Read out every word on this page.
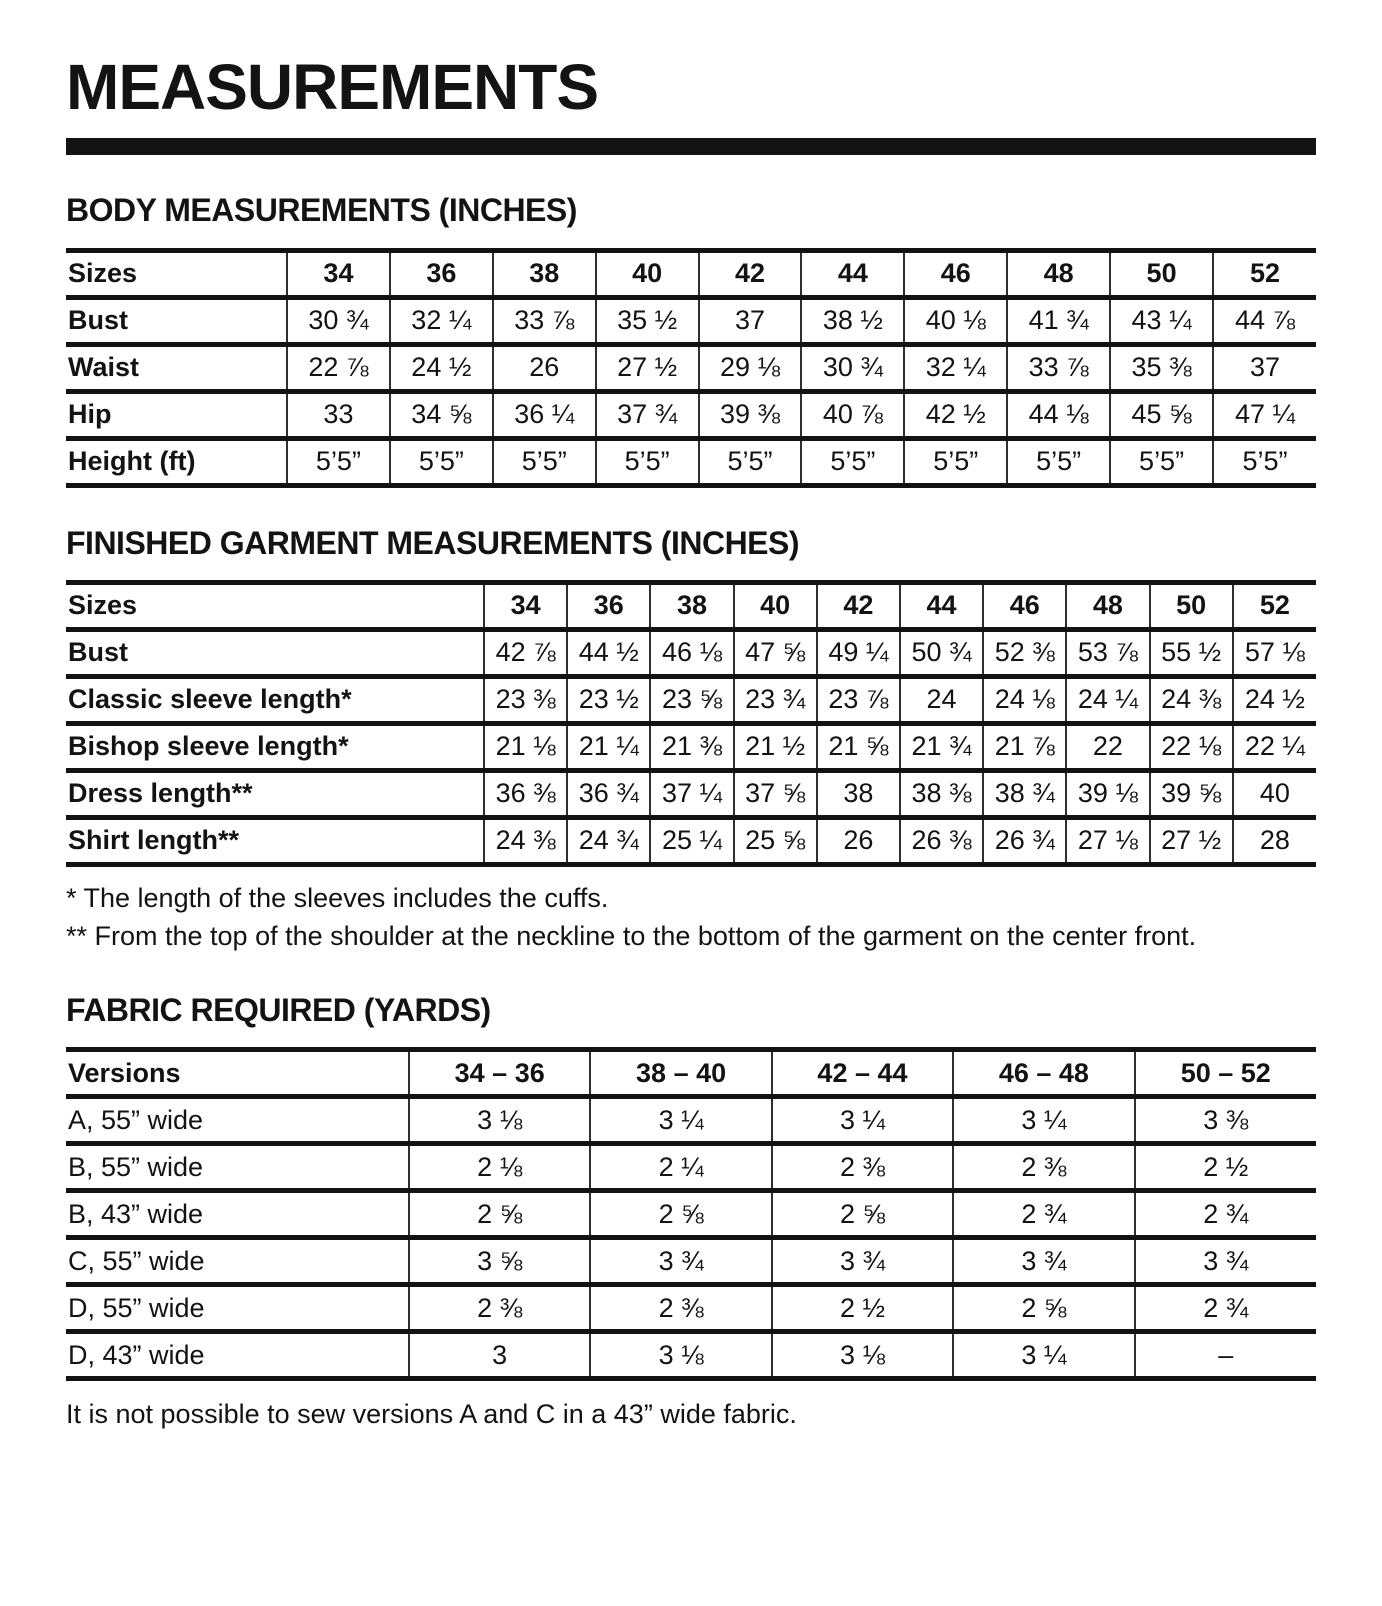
MEASUREMENTS
BODY MEASUREMENTS (INCHES)
Sizes	34	36	38	40	42	44	46	48	50	52
Bust	30 ¾	32 ¼	33 ⅞	35 ½	37	38 ½	40 ⅛	41 ¾	43 ¼	44 ⅞
Waist	22 ⅞	24 ½	26	27 ½	29 ⅛	30 ¾	32 ¼	33 ⅞	35 ⅜	37
Hip	33	34 ⅝	36 ¼	37 ¾	39 ⅜	40 ⅞	42 ½	44 ⅛	45 ⅝	47 ¼
Height (ft)	5’5”	5’5”	5’5”	5’5”	5’5”	5’5”	5’5”	5’5”	5’5”	5’5”
FINISHED GARMENT MEASUREMENTS (INCHES)
Sizes	34	36	38	40	42	44	46	48	50	52
Bust	42 ⅞	44 ½	46 ⅛	47 ⅝	49 ¼	50 ¾	52 ⅜	53 ⅞	55 ½	57 ⅛
Classic sleeve length*	23 ⅜	23 ½	23 ⅝	23 ¾	23 ⅞	24	24 ⅛	24 ¼	24 ⅜	24 ½
Bishop sleeve length*	21 ⅛	21 ¼	21 ⅜	21 ½	21 ⅝	21 ¾	21 ⅞	22	22 ⅛	22 ¼
Dress length**	36 ⅜	36 ¾	37 ¼	37 ⅝	38	38 ⅜	38 ¾	39 ⅛	39 ⅝	40
Shirt length**	24 ⅜	24 ¾	25 ¼	25 ⅝	26	26 ⅜	26 ¾	27 ⅛	27 ½	28

* The length of the sleeves includes the cuffs.

** From the top of the shoulder at the neckline to the bottom of the garment on the center front.

FABRIC REQUIRED (YARDS)
Versions	34 – 36	38 – 40	42 – 44	46 – 48	50 – 52
A, 55” wide	3 ⅛	3 ¼	3 ¼	3 ¼	3 ⅜
B, 55” wide	2 ⅛	2 ¼	2 ⅜	2 ⅜	2 ½
B, 43” wide	2 ⅝	2 ⅝	2 ⅝	2 ¾	2 ¾
C, 55” wide	3 ⅝	3 ¾	3 ¾	3 ¾	3 ¾
D, 55” wide	2 ⅜	2 ⅜	2 ½	2 ⅝	2 ¾
D, 43” wide	3	3 ⅛	3 ⅛	3 ¼	–

It is not possible to sew versions A and C in a 43” wide fabric.
